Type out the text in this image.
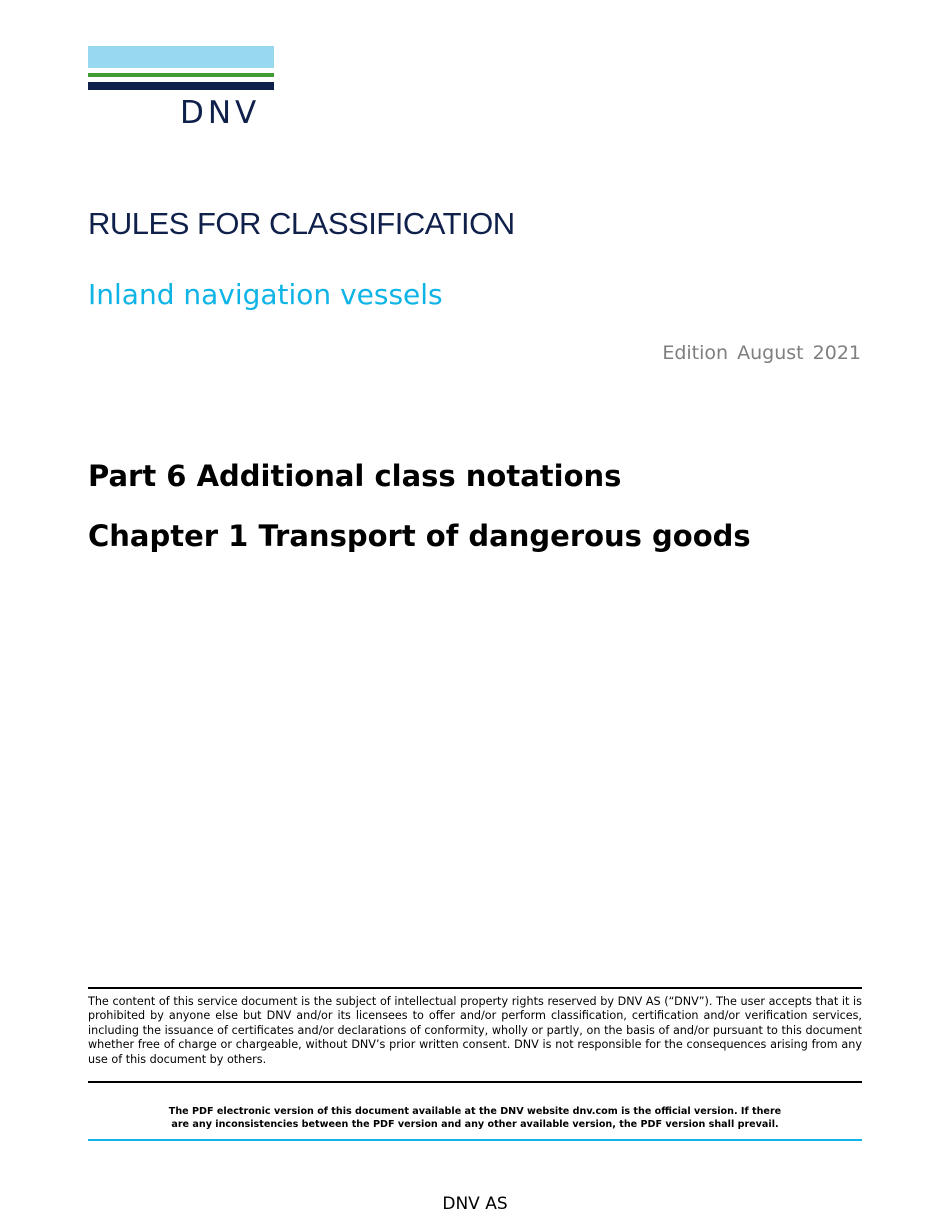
DNV
RULES FOR CLASSIFICATION
Inland navigation vessels
Edition August 2021
Part 6 Additional class notations
Chapter 1 Transport of dangerous goods

The content of this service document is the subject of intellectual property rights reserved by DNV AS (“DNV”). The user accepts that it is prohibited by anyone else but DNV and/or its licensees to offer and/or perform classification, certification and/or verification services, including the issuance of certificates and/or declarations of conformity, wholly or partly, on the basis of and/or pursuant to this document whether free of charge or chargeable, without DNV’s prior written consent. DNV is not responsible for the consequences arising from any use of this document by others.

The PDF electronic version of this document available at the DNV website dnv.com is the official version. If there
are any inconsistencies between the PDF version and any other available version, the PDF version shall prevail.

DNV AS
